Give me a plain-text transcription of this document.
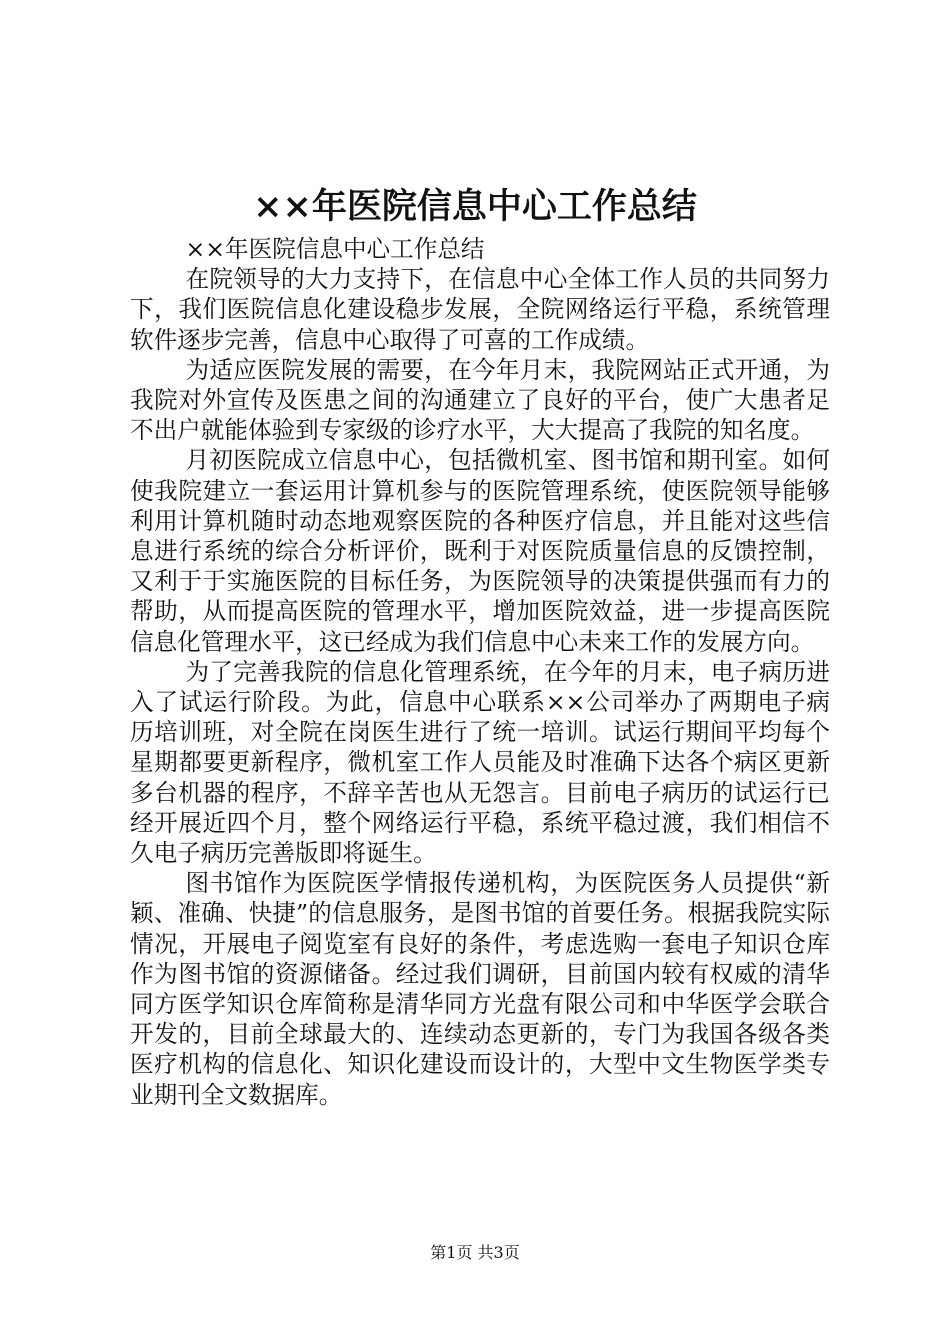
××年医院信息中心工作总结

××年医院信息中心工作总结

在院领导的大力支持下，在信息中心全体工作人员的共同努力下，我们医院信息化建设稳步发展，全院网络运行平稳，系统管理软件逐步完善，信息中心取得了可喜的工作成绩。

为适应医院发展的需要，在今年月末，我院网站正式开通，为我院对外宣传及医患之间的沟通建立了良好的平台，使广大患者足不出户就能体验到专家级的诊疗水平，大大提高了我院的知名度。

月初医院成立信息中心，包括微机室、图书馆和期刊室。如何使我院建立一套运用计算机参与的医院管理系统，使医院领导能够利用计算机随时动态地观察医院的各种医疗信息，并且能对这些信息进行系统的综合分析评价，既利于对医院质量信息的反馈控制，又利于于实施医院的目标任务，为医院领导的决策提供强而有力的帮助，从而提高医院的管理水平，增加医院效益，进一步提高医院信息化管理水平，这已经成为我们信息中心未来工作的发展方向。

为了完善我院的信息化管理系统，在今年的月末，电子病历进入了试运行阶段。为此，信息中心联系××公司举办了两期电子病历培训班，对全院在岗医生进行了统一培训。试运行期间平均每个星期都要更新程序，微机室工作人员能及时准确下达各个病区更新多台机器的程序，不辞辛苦也从无怨言。目前电子病历的试运行已经开展近四个月，整个网络运行平稳，系统平稳过渡，我们相信不久电子病历完善版即将诞生。

图书馆作为医院医学情报传递机构，为医院医务人员提供“新颖、准确、快捷”的信息服务，是图书馆的首要任务。根据我院实际情况，开展电子阅览室有良好的条件，考虑选购一套电子知识仓库作为图书馆的资源储备。经过我们调研，目前国内较有权威的清华同方医学知识仓库简称是清华同方光盘有限公司和中华医学会联合开发的，目前全球最大的、连续动态更新的，专门为我国各级各类医疗机构的信息化、知识化建设而设计的，大型中文生物医学类专业期刊全文数据库。

第1页 共3页
